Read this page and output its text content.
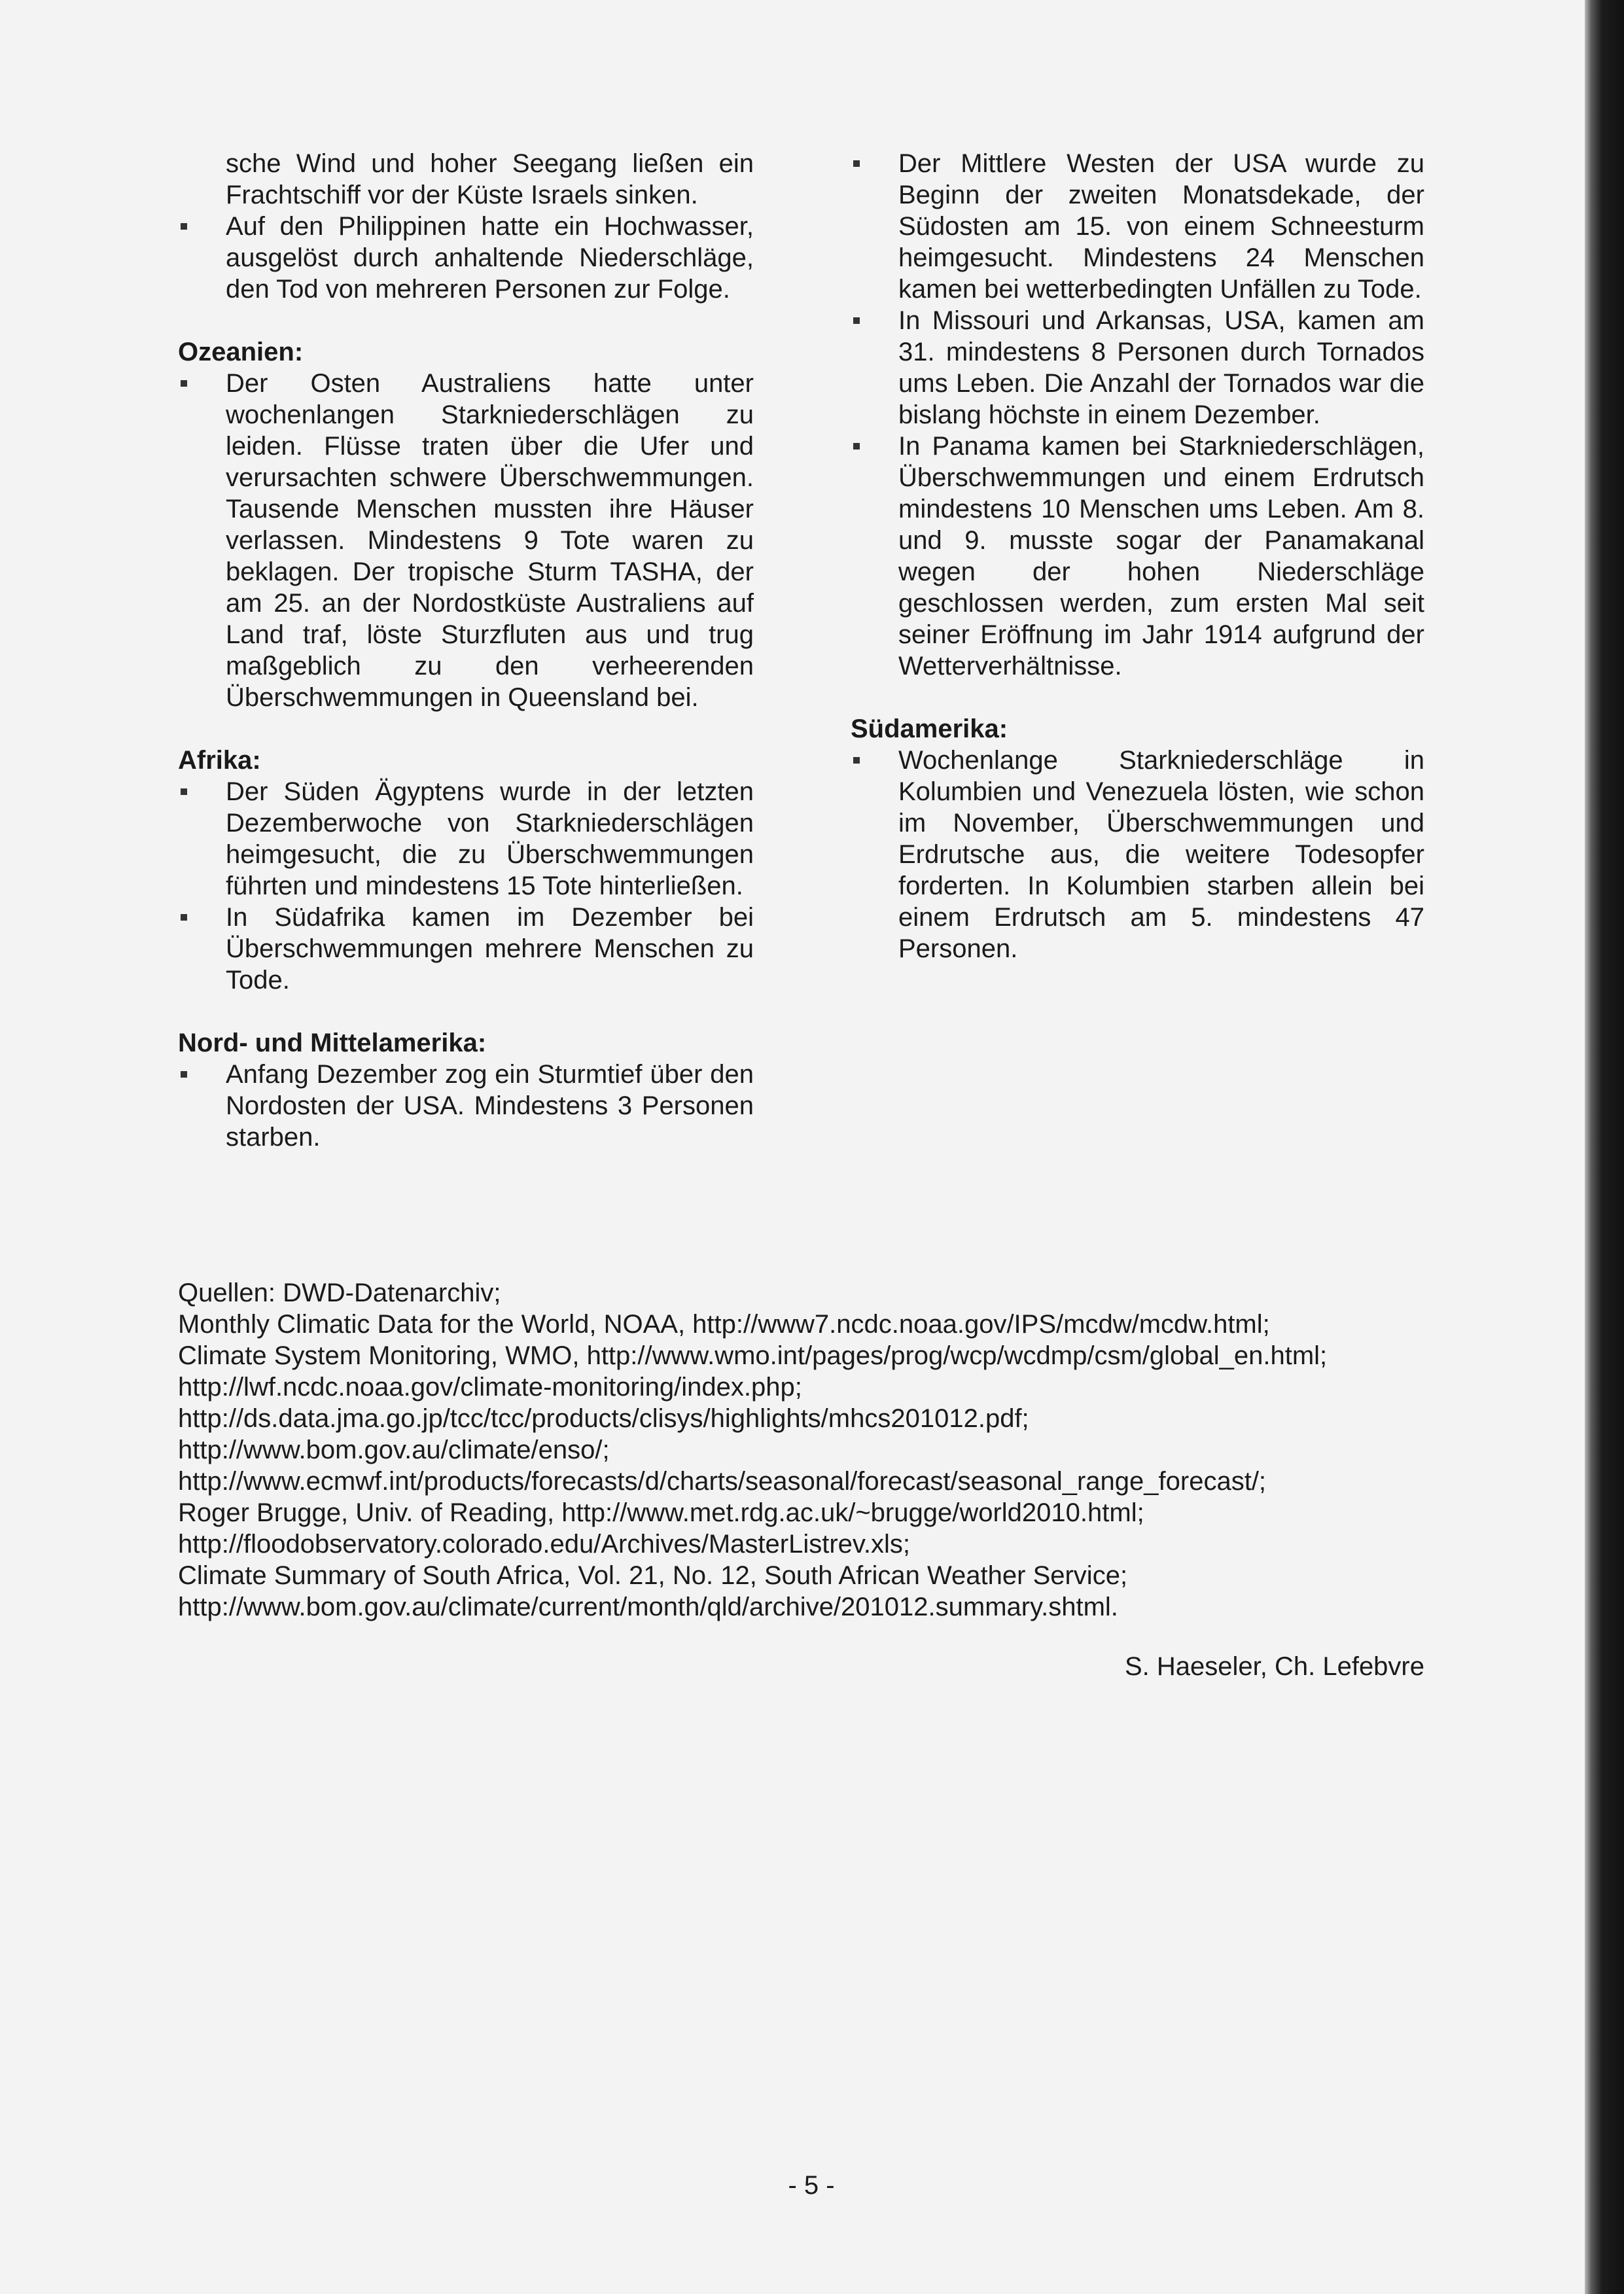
sche Wind und hoher Seegang ließen ein Frachtschiff vor der Küste Israels sinken.

Auf den Philippinen hatte ein Hochwasser, ausgelöst durch anhaltende Niederschläge, den Tod von mehreren Personen zur Folge.
Ozeanien:
Der Osten Australiens hatte unter wochenlangen Starkniederschlägen zu leiden. Flüsse traten über die Ufer und verursachten schwere Überschwemmungen. Tausende Menschen mussten ihre Häuser verlassen. Mindestens 9 Tote waren zu beklagen. Der tropische Sturm TASHA, der am 25. an der Nordostküste Australiens auf Land traf, löste Sturzfluten aus und trug maßgeblich zu den verheerenden Überschwemmungen in Queensland bei.
Afrika:
Der Süden Ägyptens wurde in der letzten Dezemberwoche von Starkniederschlägen heimgesucht, die zu Überschwemmungen führten und mindestens 15 Tote hinterließen.
In Südafrika kamen im Dezember bei Überschwemmungen mehrere Menschen zu Tode.
Nord- und Mittelamerika:
Anfang Dezember zog ein Sturmtief über den Nordosten der USA. Mindestens 3 Personen starben.
Der Mittlere Westen der USA wurde zu Beginn der zweiten Monatsdekade, der Südosten am 15. von einem Schneesturm heimgesucht. Mindestens 24 Menschen kamen bei wetterbedingten Unfällen zu Tode.
In Missouri und Arkansas, USA, kamen am 31. mindestens 8 Personen durch Tornados ums Leben. Die Anzahl der Tornados war die bislang höchste in einem Dezember.
In Panama kamen bei Starkniederschlägen, Überschwemmungen und einem Erdrutsch mindestens 10 Menschen ums Leben. Am 8. und 9. musste sogar der Panamakanal wegen der hohen Niederschläge geschlossen werden, zum ersten Mal seit seiner Eröffnung im Jahr 1914 aufgrund der Wetterverhältnisse.
Südamerika:
Wochenlange Starkniederschläge in Kolumbien und Venezuela lösten, wie schon im November, Überschwemmungen und Erdrutsche aus, die weitere Todesopfer forderten. In Kolumbien starben allein bei einem Erdrutsch am 5. mindestens 47 Personen.
Quellen: DWD-Datenarchiv;
Monthly Climatic Data for the World, NOAA, http://www7.ncdc.noaa.gov/IPS/mcdw/mcdw.html;
Climate System Monitoring, WMO, http://www.wmo.int/pages/prog/wcp/wcdmp/csm/global_en.html;
http://lwf.ncdc.noaa.gov/climate-monitoring/index.php;
http://ds.data.jma.go.jp/tcc/tcc/products/clisys/highlights/mhcs201012.pdf;
http://www.bom.gov.au/climate/enso/;
http://www.ecmwf.int/products/forecasts/d/charts/seasonal/forecast/seasonal_range_forecast/;
Roger Brugge, Univ. of Reading, http://www.met.rdg.ac.uk/~brugge/world2010.html;
http://floodobservatory.colorado.edu/Archives/MasterListrev.xls;
Climate Summary of South Africa, Vol. 21, No. 12, South African Weather Service;
http://www.bom.gov.au/climate/current/month/qld/archive/201012.summary.shtml.
S. Haeseler, Ch. Lefebvre
- 5 -
